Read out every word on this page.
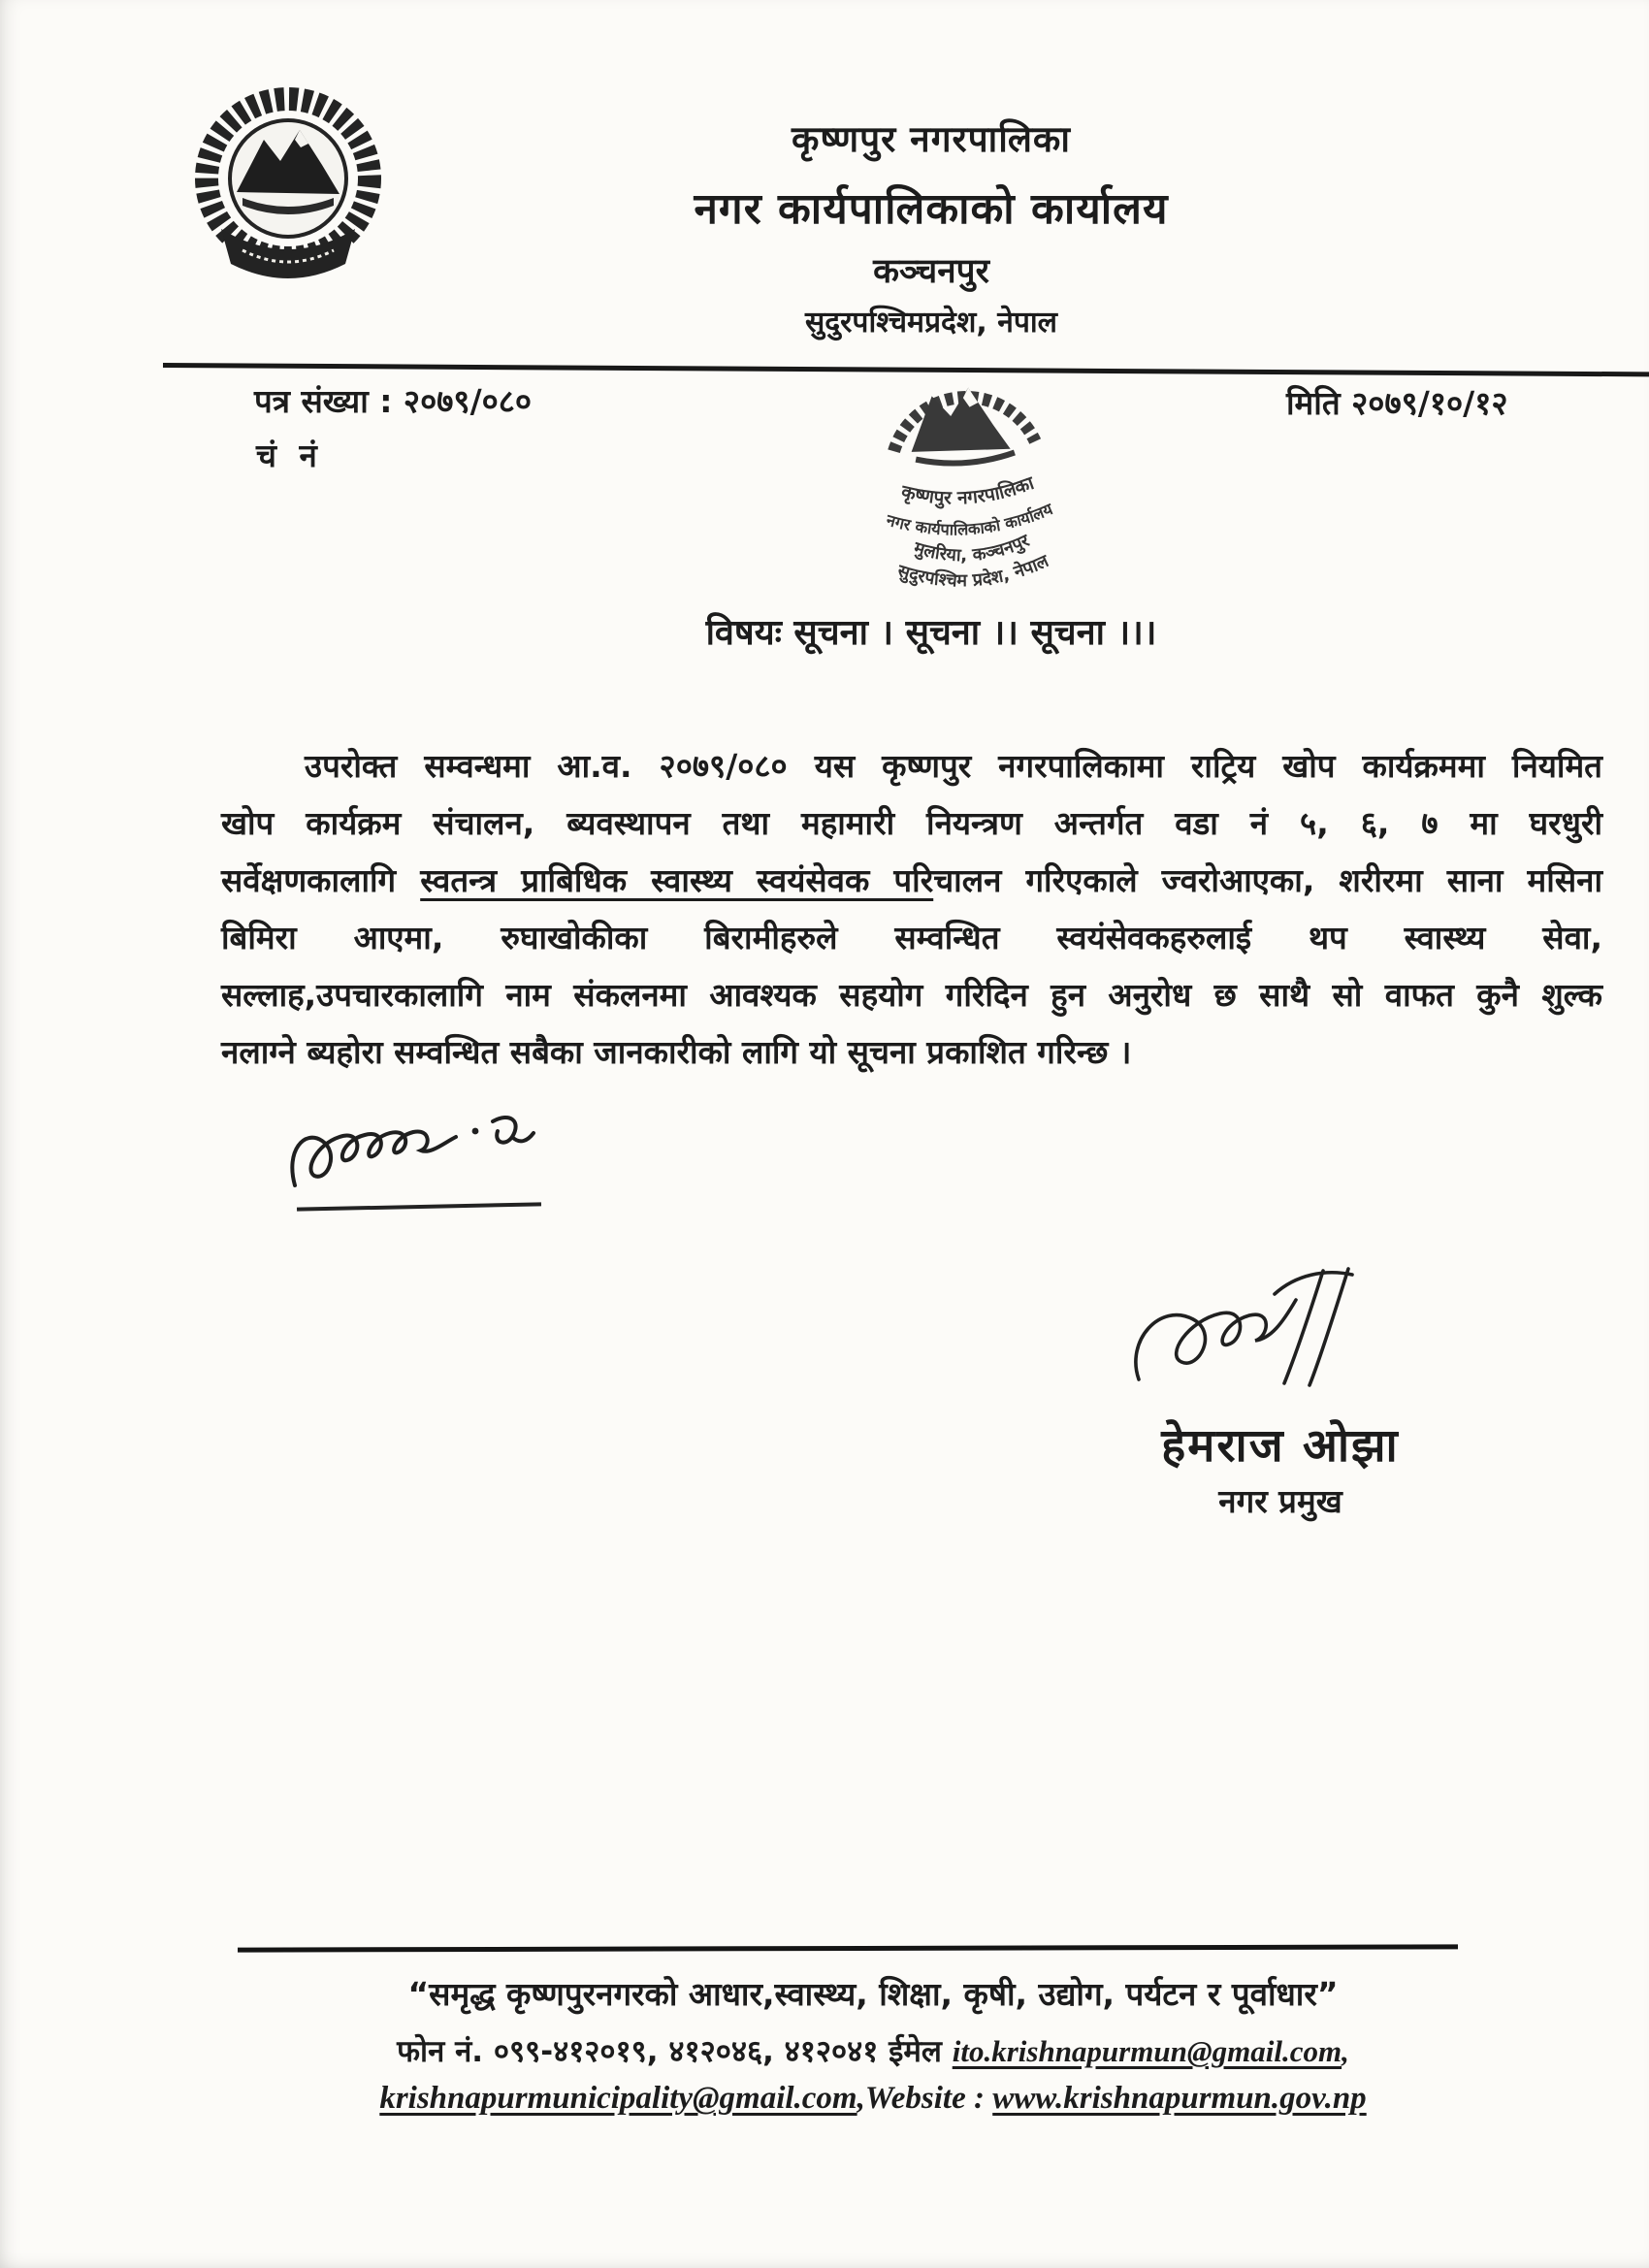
कृष्णपुर नगरपालिका
नगर कार्यपालिकाको कार्यालय
कञ्चनपुर
सुदुरपश्चिमप्रदेश, नेपाल
पत्र संख्या : २०७९/०८०
चं नं
मिति २०७९/१०/१२
कृष्णपुर नगरपालिका
नगर कार्यपालिकाको कार्यालय
मुलरिया, कञ्चनपुर
सुदुरपश्चिम प्रदेश, नेपाल
विषयः सूचना । सूचना ।। सूचना ।।।
उपरोक्त सम्वन्धमा आ.व. २०७९/०८० यस कृष्णपुर नगरपालिकामा राट्रिय खोप कार्यक्रममा नियमित
खोप कार्यक्रम संचालन, ब्यवस्थापन तथा महामारी नियन्त्रण अन्तर्गत वडा नं ५, ६, ७ मा घरधुरी
सर्वेक्षणकालागि स्वतन्त्र प्राबिधिक स्वास्थ्य स्वयंसेवक परिचालन गरिएकाले ज्वरोआएका, शरीरमा साना मसिना
बिमिरा आएमा, रुघाखोकीका बिरामीहरुले सम्वन्धित स्वयंसेवकहरुलाई थप स्वास्थ्य सेवा,
सल्लाह,उपचारकालागि नाम संकलनमा आवश्यक सहयोग गरिदिन हुन अनुरोध छ साथै सो वाफत कुनै शुल्क
नलाग्ने ब्यहोरा सम्वन्धित सबैका जानकारीको लागि यो सूचना प्रकाशित गरिन्छ ।
हेमराज ओझा
नगर प्रमुख
“समृद्ध कृष्णपुरनगरको आधार,स्वास्थ्य, शिक्षा, कृषी, उद्योग, पर्यटन र पूर्वाधार”
फोन नं. ०९९-४१२०१९, ४१२०४६, ४१२०४१ ईमेल ito.krishnapurmun@gmail.com,
krishnapurmunicipality@gmail.com,Website : www.krishnapurmun.gov.np
